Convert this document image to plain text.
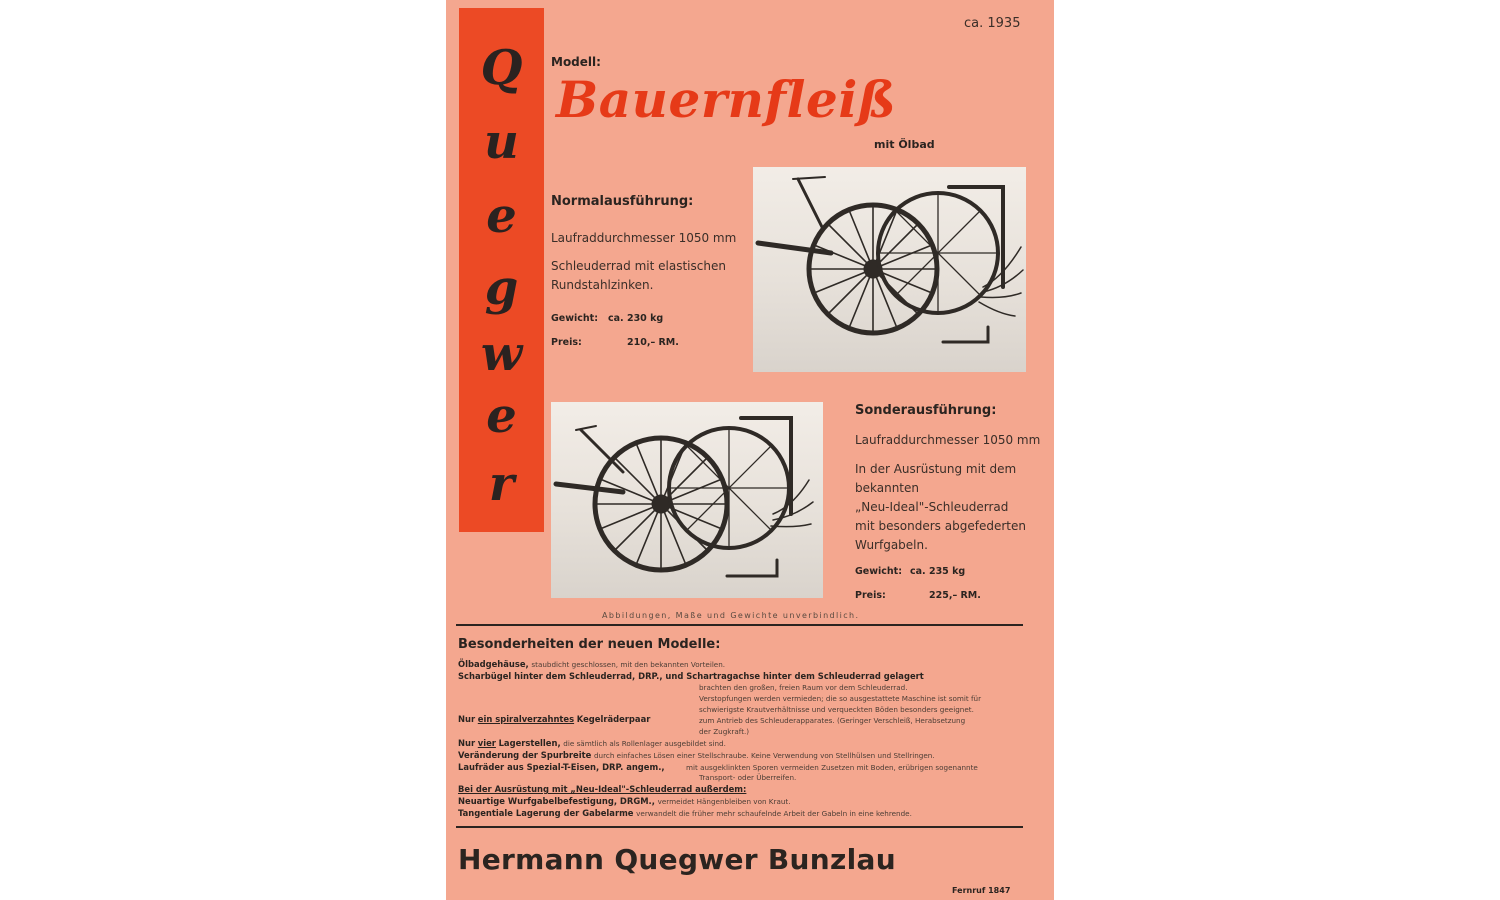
Q
u
e
g
w
e
r
ca. 1935
Modell:
Bauernfleiß
mit Ölbad
Normalausführung:
Laufraddurchmesser 1050 mm
Schleuderrad mit elastischen
Rundstahlzinken.
Gewicht: ca. 230 kg
Preis:	210,– RM.
Sonderausführung:
Laufraddurchmesser 1050 mm
In der Ausrüstung mit dem
bekannten
„Neu-Ideal"-Schleuderrad
mit besonders abgefederten
Wurfgabeln.
Gewicht: ca. 235 kg
Preis:	225,– RM.
Abbildungen, Maße und Gewichte unverbindlich.
Besonderheiten der neuen Modelle:
Ölbadgehäuse, staubdicht geschlossen, mit den bekannten Vorteilen.
Scharbügel hinter dem Schleuderrad, DRP., und Schartragachse hinter dem Schleuderrad gelagert
brachten den großen, freien Raum vor dem Schleuderrad.
Verstopfungen werden vermieden; die so ausgestattete Maschine ist somit für
schwierigste Krautverhältnisse und verqueckten Böden besonders geeignet.
Nur ein spiralverzahntes Kegelräderpaar	zum Antrieb des Schleuderapparates. (Geringer Verschleiß, Herabsetzung
der Zugkraft.)
Nur vier Lagerstellen, die sämtlich als Rollenlager ausgebildet sind.
Veränderung der Spurbreite durch einfaches Lösen einer Stellschraube. Keine Verwendung von Stellhülsen und Stellringen.
Laufräder aus Spezial-T-Eisen, DRP. angem.,	mit ausgeklinkten Sporen vermeiden Zusetzen mit Boden, erübrigen sogenannte
Transport- oder Überreifen.
Bei der Ausrüstung mit „Neu-Ideal"-Schleuderrad außerdem:
Neuartige Wurfgabelbefestigung, DRGM., vermeidet Hängenbleiben von Kraut.
Tangentiale Lagerung der Gabelarme verwandelt die früher mehr schaufelnde Arbeit der Gabeln in eine kehrende.
Hermann Quegwer Bunzlau
Fernruf 1847
